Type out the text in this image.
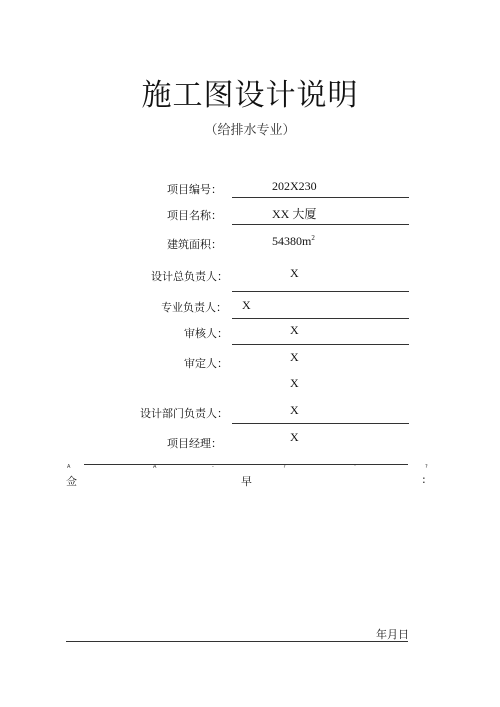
施工图设计说明
（给排水专业）
项目编号：	202X230
项目名称：	XX 大厦
建筑面积：	$54380m^2$
设计总负责人：	X
专业负责人： X
审核人：	X
审定人：	X
X
设计部门负责人：	X
项目经理：	X
A	A	-	?	"	?
佥	早	:
年月日
